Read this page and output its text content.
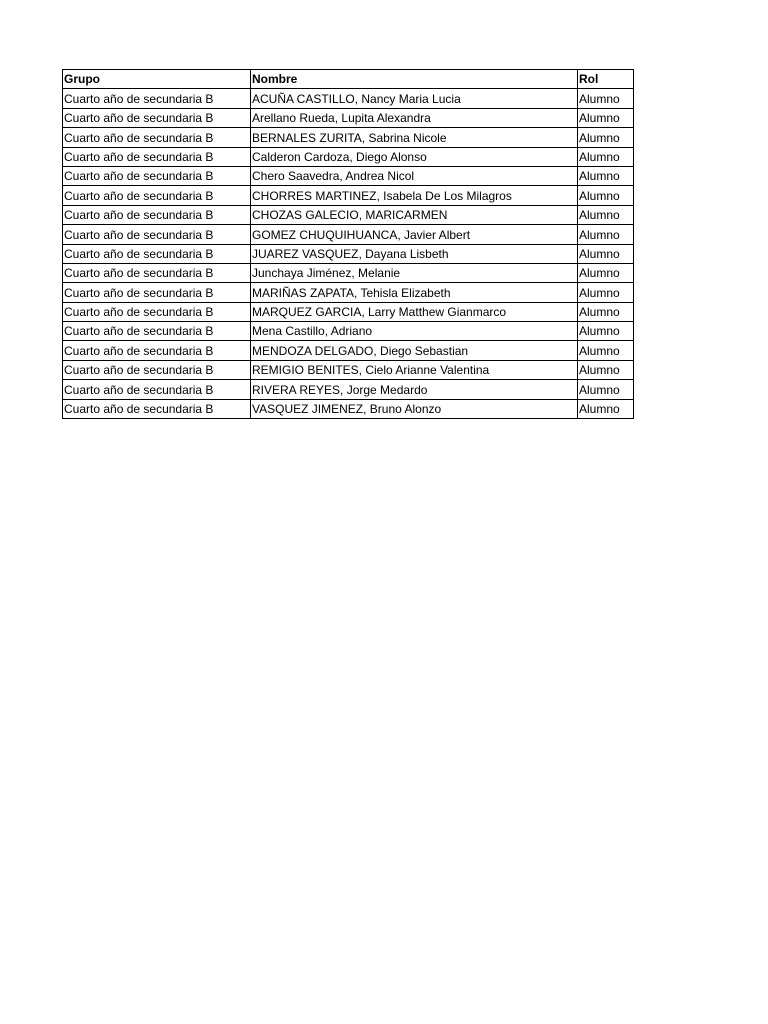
Grupo	Nombre	Rol
Cuarto año de secundaria B	ACUÑA CASTILLO, Nancy Maria Lucia	Alumno
Cuarto año de secundaria B	Arellano Rueda, Lupita Alexandra	Alumno
Cuarto año de secundaria B	BERNALES ZURITA, Sabrina Nicole	Alumno
Cuarto año de secundaria B	Calderon Cardoza, Diego Alonso	Alumno
Cuarto año de secundaria B	Chero Saavedra, Andrea Nicol	Alumno
Cuarto año de secundaria B	CHORRES MARTINEZ, Isabela De Los Milagros	Alumno
Cuarto año de secundaria B	CHOZAS GALECIO, MARICARMEN	Alumno
Cuarto año de secundaria B	GOMEZ CHUQUIHUANCA, Javier Albert	Alumno
Cuarto año de secundaria B	JUAREZ VASQUEZ, Dayana Lisbeth	Alumno
Cuarto año de secundaria B	Junchaya Jiménez, Melanie	Alumno
Cuarto año de secundaria B	MARIÑAS ZAPATA, Tehisla Elizabeth	Alumno
Cuarto año de secundaria B	MARQUEZ GARCIA, Larry Matthew Gianmarco	Alumno
Cuarto año de secundaria B	Mena Castillo, Adriano	Alumno
Cuarto año de secundaria B	MENDOZA DELGADO, Diego Sebastian	Alumno
Cuarto año de secundaria B	REMIGIO BENITES, Cielo Arianne Valentina	Alumno
Cuarto año de secundaria B	RIVERA REYES, Jorge Medardo	Alumno
Cuarto año de secundaria B	VASQUEZ JIMENEZ, Bruno Alonzo	Alumno
